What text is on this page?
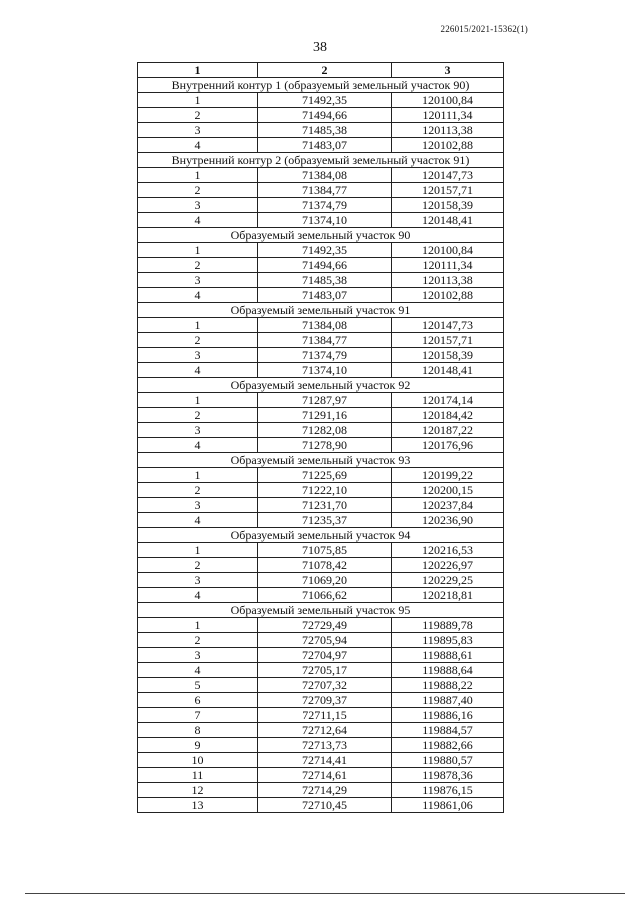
226015/2021-15362(1)
38
1	2	3
Внутренний контур 1 (образуемый земельный участок 90)		
1	71492,35	120100,84
2	71494,66	120111,34
3	71485,38	120113,38
4	71483,07	120102,88
Внутренний контур 2 (образуемый земельный участок 91)		
1	71384,08	120147,73
2	71384,77	120157,71
3	71374,79	120158,39
4	71374,10	120148,41
Образуемый земельный участок 90		
1	71492,35	120100,84
2	71494,66	120111,34
3	71485,38	120113,38
4	71483,07	120102,88
Образуемый земельный участок 91		
1	71384,08	120147,73
2	71384,77	120157,71
3	71374,79	120158,39
4	71374,10	120148,41
Образуемый земельный участок 92		
1	71287,97	120174,14
2	71291,16	120184,42
3	71282,08	120187,22
4	71278,90	120176,96
Образуемый земельный участок 93		
1	71225,69	120199,22
2	71222,10	120200,15
3	71231,70	120237,84
4	71235,37	120236,90
Образуемый земельный участок 94		
1	71075,85	120216,53
2	71078,42	120226,97
3	71069,20	120229,25
4	71066,62	120218,81
Образуемый земельный участок 95		
1	72729,49	119889,78
2	72705,94	119895,83
3	72704,97	119888,61
4	72705,17	119888,64
5	72707,32	119888,22
6	72709,37	119887,40
7	72711,15	119886,16
8	72712,64	119884,57
9	72713,73	119882,66
10	72714,41	119880,57
11	72714,61	119878,36
12	72714,29	119876,15
13	72710,45	119861,06
